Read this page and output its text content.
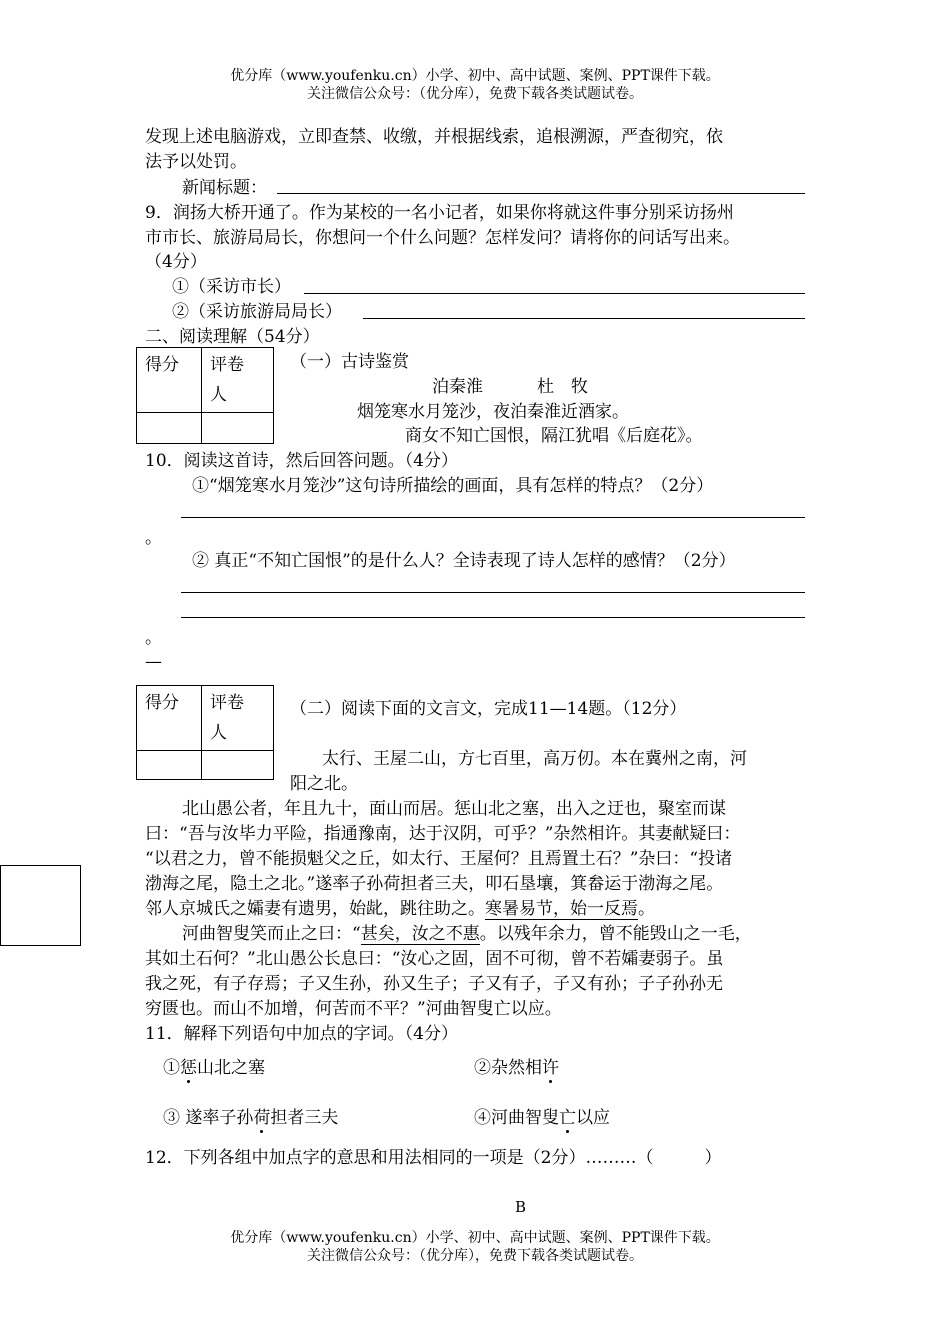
优分库（www.youfenku.cn）小学、初中、高中试题、案例、PPT课件下载。
关注微信公众号：（优分库），免费下载各类试题试卷。
发现上述电脑游戏，立即查禁、收缴，并根据线索，追根溯源，严查彻究，依
法予以处罚。
新闻标题：
9．润扬大桥开通了。作为某校的一名小记者，如果你将就这件事分别采访扬州
市市长、旅游局局长，你想问一个什么问题？怎样发问？请将你的问话写出来。
（4分）
①（采访市长）
②（采访旅游局局长）
二、阅读理解（54分）
得分	评卷
人

（一）古诗鉴赏
泊秦淮	杜　牧
烟笼寒水月笼沙，夜泊秦淮近酒家。
商女不知亡国恨，隔江犹唱《后庭花》。
10．阅读这首诗，然后回答问题。（4分）
①“烟笼寒水月笼沙”这句诗所描绘的画面，具有怎样的特点？（2分）
。
② 真正“不知亡国恨”的是什么人？全诗表现了诗人怎样的感情？（2分）
。
—
得分	评卷
人

（二）阅读下面的文言文，完成11—14题。（12分）
太行、王屋二山，方七百里，高万仞。本在冀州之南，河
阳之北。
北山愚公者，年且九十，面山而居。惩山北之塞，出入之迂也，聚室而谋
曰：“吾与汝毕力平险，指通豫南，达于汉阴，可乎？”杂然相许。其妻献疑曰：
“以君之力，曾不能损魁父之丘，如太行、王屋何？且焉置土石？”杂曰：“投诸
渤海之尾，隐土之北。”遂率子孙荷担者三夫，叩石垦壤，箕畚运于渤海之尾。
邻人京城氏之孀妻有遗男，始龀，跳往助之。寒暑易节，始一反焉。
河曲智叟笑而止之曰：“甚矣，汝之不惠。以残年余力，曾不能毁山之一毛，
其如土石何？”北山愚公长息曰：“汝心之固，固不可彻，曾不若孀妻弱子。虽
我之死，有子存焉；子又生孙，孙又生子；子又有子，子又有孙；子子孙孙无
穷匮也。而山不加增，何苦而不平？”河曲智叟亡以应。
11．解释下列语句中加点的字词。（4分）
①惩山北之塞	②杂然相许
③ 遂率子孙荷担者三夫	④河曲智叟亡以应
12．下列各组中加点字的意思和用法相同的一项是（2分）………（　　　）
B
优分库（www.youfenku.cn）小学、初中、高中试题、案例、PPT课件下载。
关注微信公众号：（优分库），免费下载各类试题试卷。
